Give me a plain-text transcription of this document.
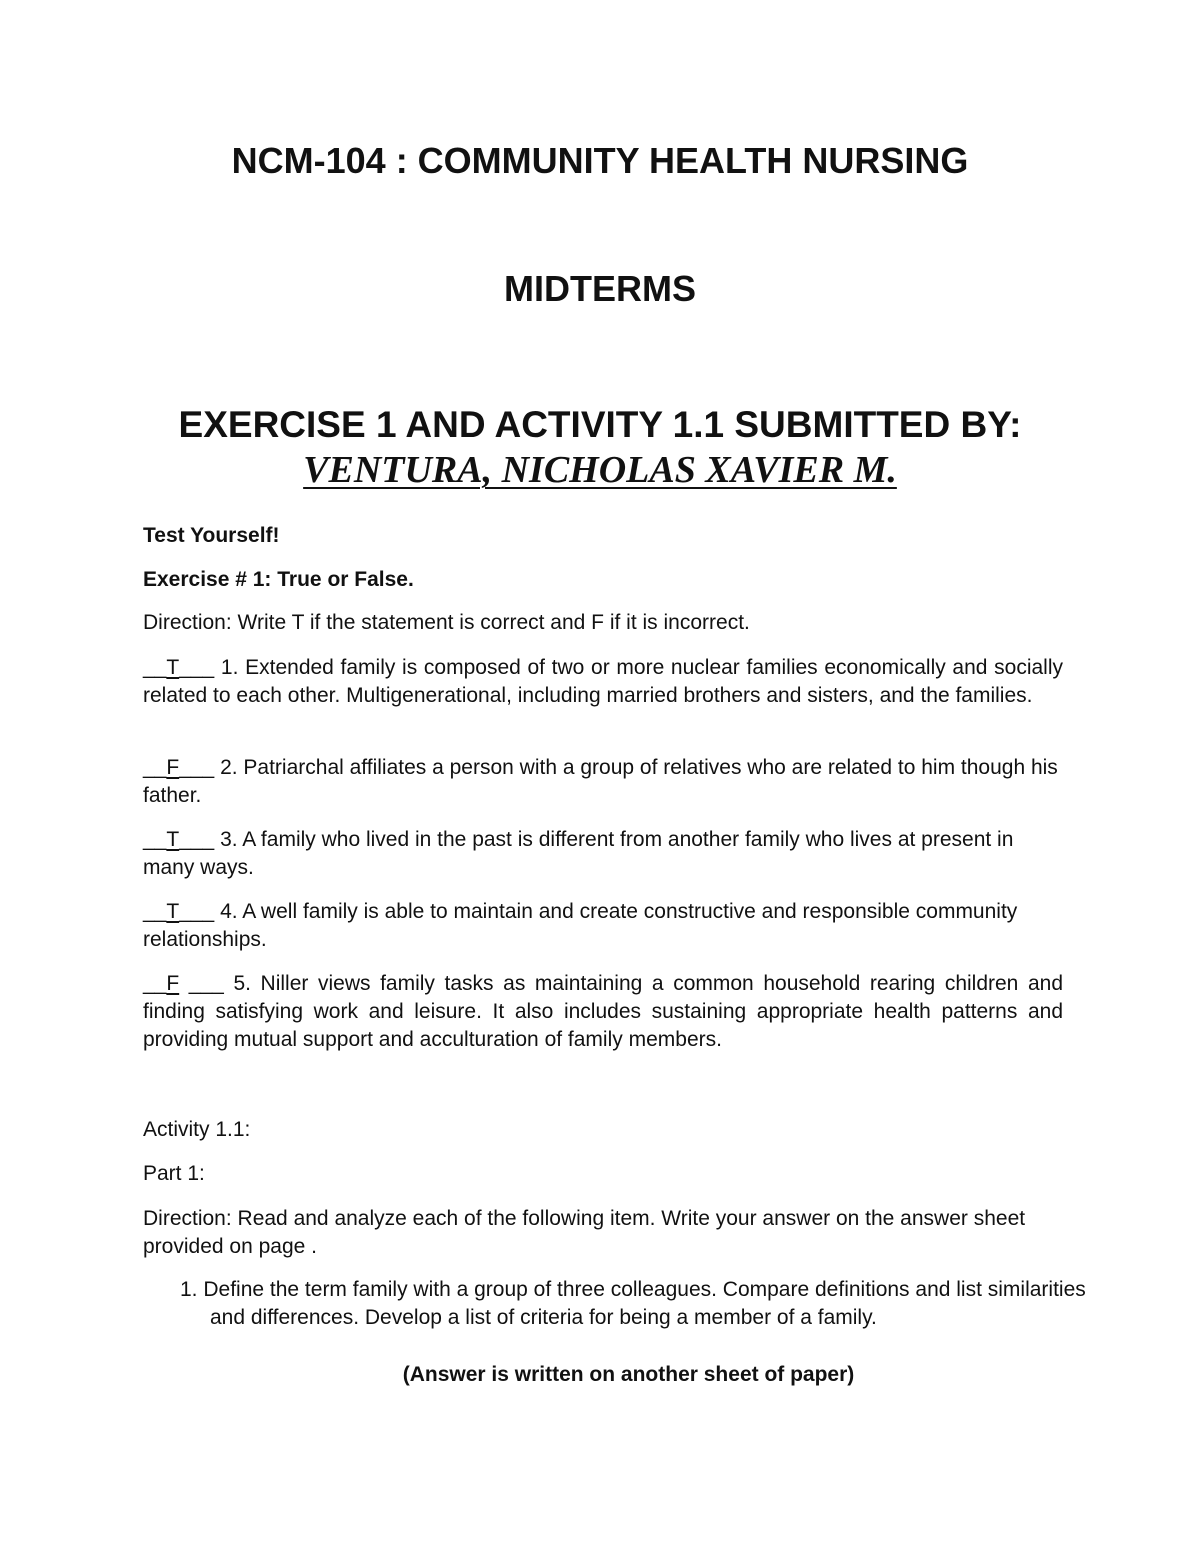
NCM-104 : COMMUNITY HEALTH NURSING
MIDTERMS
EXERCISE 1 AND ACTIVITY 1.1 SUBMITTED BY:

VENTURA, NICHOLAS XAVIER M.

Test Yourself!
Exercise # 1: True or False.
Direction: Write T if the statement is correct and F if it is incorrect.

__T___ 1. Extended family is composed of two or more nuclear families economically and socially related to each other. Multigenerational, including married brothers and sisters, and the families.

__F___ 2. Patriarchal affiliates a person with a group of relatives who are related to him though his father.

__T___ 3. A family who lived in the past is different from another family who lives at present in many ways.

__T___ 4. A well family is able to maintain and create constructive and responsible community relationships.

__F ___ 5. Niller views family tasks as maintaining a common household rearing children and finding satisfying work and leisure. It also includes sustaining appropriate health patterns and providing mutual support and acculturation of family members.

Activity 1.1:
Part 1:
Direction: Read and analyze each of the following item. Write your answer on the answer sheet provided on page .

1. Define the term family with a group of three colleagues. Compare definitions and list similarities and differences. Develop a list of criteria for being a member of a family.

(Answer is written on another sheet of paper)
